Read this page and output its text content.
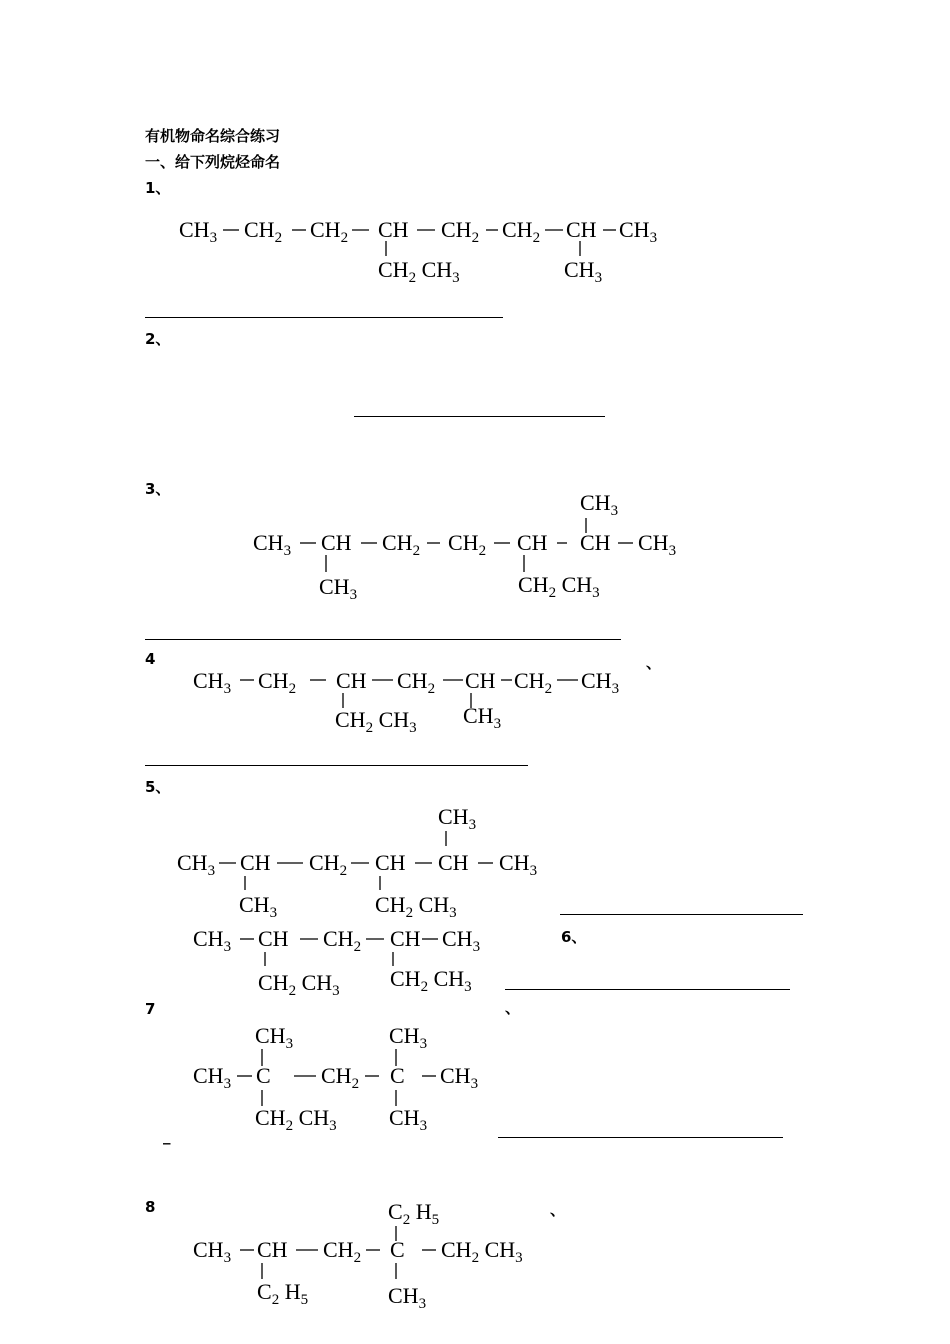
有机物命名综合练习
一、给下列烷烃命名
1、
$CH_3$ $CH_2$ $CH_2$ CH $CH_2$ $CH_2$ CH $CH_3$
$CH_2$ $CH_3$	$CH_3$
2、
3、
$CH_3$
$CH_3$ CH $CH_2$ $CH_2$ CH CH $CH_3$
$CH_3$	$CH_2$ $CH_3$
4	、
$CH_3$ $CH_2$ CH $CH_2$ CH $CH_2$ $CH_3$
$CH_2$ $CH_3$ $CH_3$
5、
$CH_3$
$CH_3$ CH $CH_2$ CH CH $CH_3$
$CH_3$	$CH_2$ $CH_3$
6、
$CH_3$ CH $CH_2$ CH $CH_3$
$CH_2$ $CH_3$ $CH_2$ $CH_3$
7	、
$CH_3$	$CH_3$
$CH_3$ C $CH_2$ C $CH_3$
$CH_2$ $CH_3$ $CH_3$
_
8	、
$C_2$ $H_5$
$CH_3$ CH $CH_2$ C $CH_2$ $CH_3$
$C_2$ $H_5$	$CH_3$
